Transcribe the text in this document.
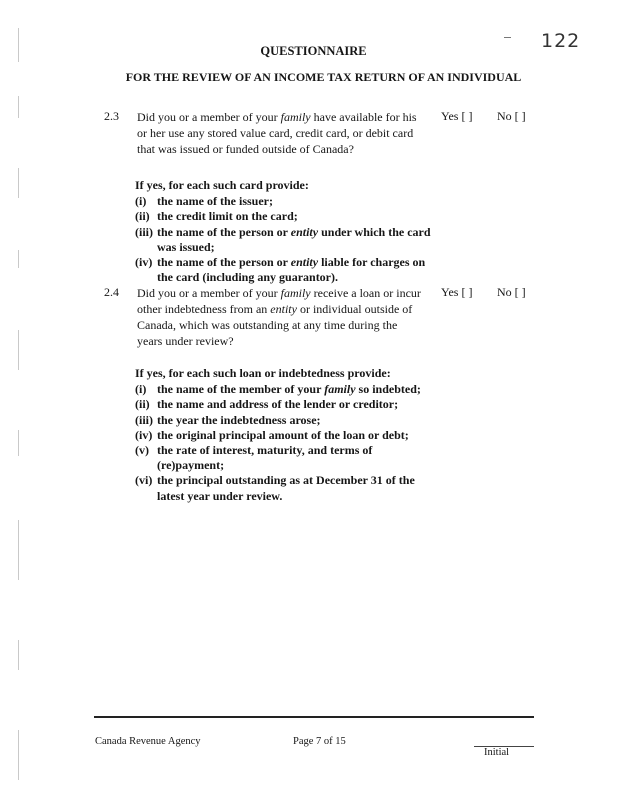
122
QUESTIONNAIRE
FOR THE REVIEW OF AN INCOME TAX RETURN OF AN INDIVIDUAL
2.3 Did you or a member of your family have available for his or her use any stored value card, credit card, or debit card that was issued or funded outside of Canada?
Yes [ ] No [ ]
If yes, for each such card provide:
(i) the name of the issuer;
(ii) the credit limit on the card;
(iii) the name of the person or entity under which the card was issued;
(iv) the name of the person or entity liable for charges on the card (including any guarantor).
2.4 Did you or a member of your family receive a loan or incur other indebtedness from an entity or individual outside of Canada, which was outstanding at any time during the years under review?
Yes [ ] No [ ]
If yes, for each such loan or indebtedness provide:
(i) the name of the member of your family so indebted;
(ii) the name and address of the lender or creditor;
(iii) the year the indebtedness arose;
(iv) the original principal amount of the loan or debt;
(v) the rate of interest, maturity, and terms of (re)payment;
(vi) the principal outstanding as at December 31 of the latest year under review.
Canada Revenue Agency	Page 7 of 15
Initial
